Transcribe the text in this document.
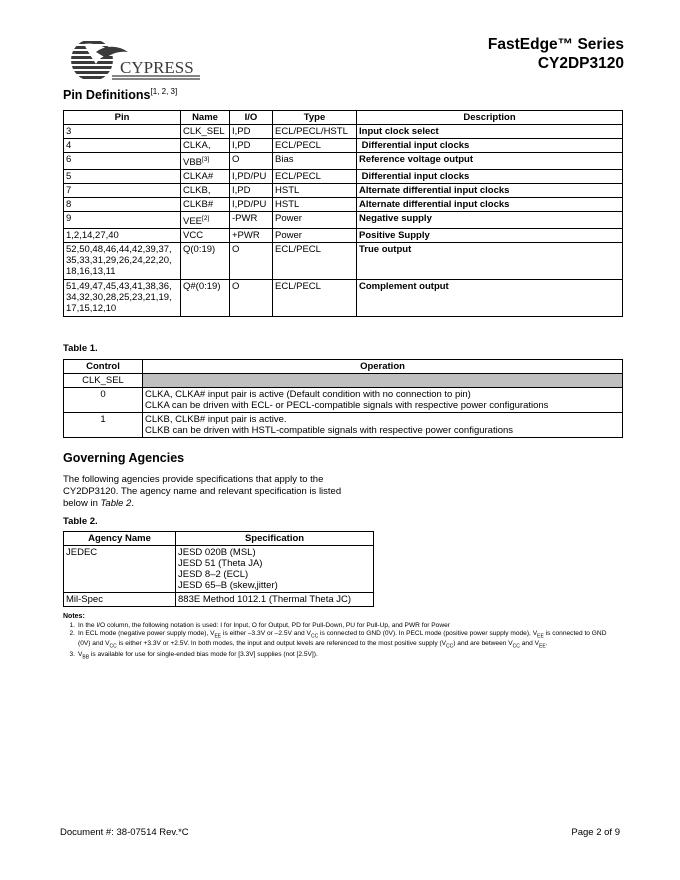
CYPRESS
FastEdge™ Series
CY2DP3120
Pin Definitions[1, 2, 3]
Pin	Name	I/O	Type	Description
3	CLK_SEL	I,PD	ECL/PECL/HSTL	Input clock select
4	CLKA,	I,PD	ECL/PECL	Differential input clocks
6	VBB[3]	O	Bias	Reference voltage output
5	CLKA#	I,PD/PU	ECL/PECL	Differential input clocks
7	CLKB,	I,PD	HSTL	Alternate differential input clocks
8	CLKB#	I,PD/PU	HSTL	Alternate differential input clocks
9	VEE[2]	-PWR	Power	Negative supply
1,2,14,27,40	VCC	+PWR	Power	Positive Supply
52,50,48,46,44,42,39,37, 35,33,31,29,26,24,22,20, 18,16,13,11	Q(0:19)	O	ECL/PECL	True output
51,49,47,45,43,41,38,36, 34,32,30,28,25,23,21,19, 17,15,12,10	Q#(0:19)	O	ECL/PECL	Complement output
Table 1.
Control	Operation
CLK_SEL	
0	CLKA, CLKA# input pair is active (Default condition with no connection to pin)
CLKA can be driven with ECL- or PECL-compatible signals with respective power configurations

1	CLKB, CLKB# input pair is active.
CLKB can be driven with HSTL-compatible signals with respective power configurations
Governing Agencies
The following agencies provide specifications that apply to the CY2DP3120. The agency name and relevant specification is listed below in Table 2.
Table 2.
Agency Name	Specification
JEDEC	JESD 020B (MSL)
JESD 51 (Theta JA)
JESD 8–2 (ECL)
JESD 65–B (skew,jitter)

Mil-Spec	883E Method 1012.1 (Thermal Theta JC)
Notes:
1. In the I/O column, the following notation is used: I for Input, O for Output, PD for Pull-Down, PU for Pull-Up, and PWR for Power
2. In ECL mode (negative power supply mode), $V_{EE}$ is either –3.3V or –2.5V and $V_{CC}$ is connected to GND (0V). In PECL mode (positive power supply mode), $V_{EE}$ is connected to GND (0V) and $V_{CC}$ is either +3.3V or +2.5V. In both modes, the input and output levels are referenced to the most positive supply $(V_{CC})$ and are between $V_{CC}$ and $V_{EE}$.
3. $V_{BB}$ is available for use for single-ended bias mode for [3.3V] supplies (not [2.5V]).
Document #: 38-07514 Rev.*C	Page 2 of 9
